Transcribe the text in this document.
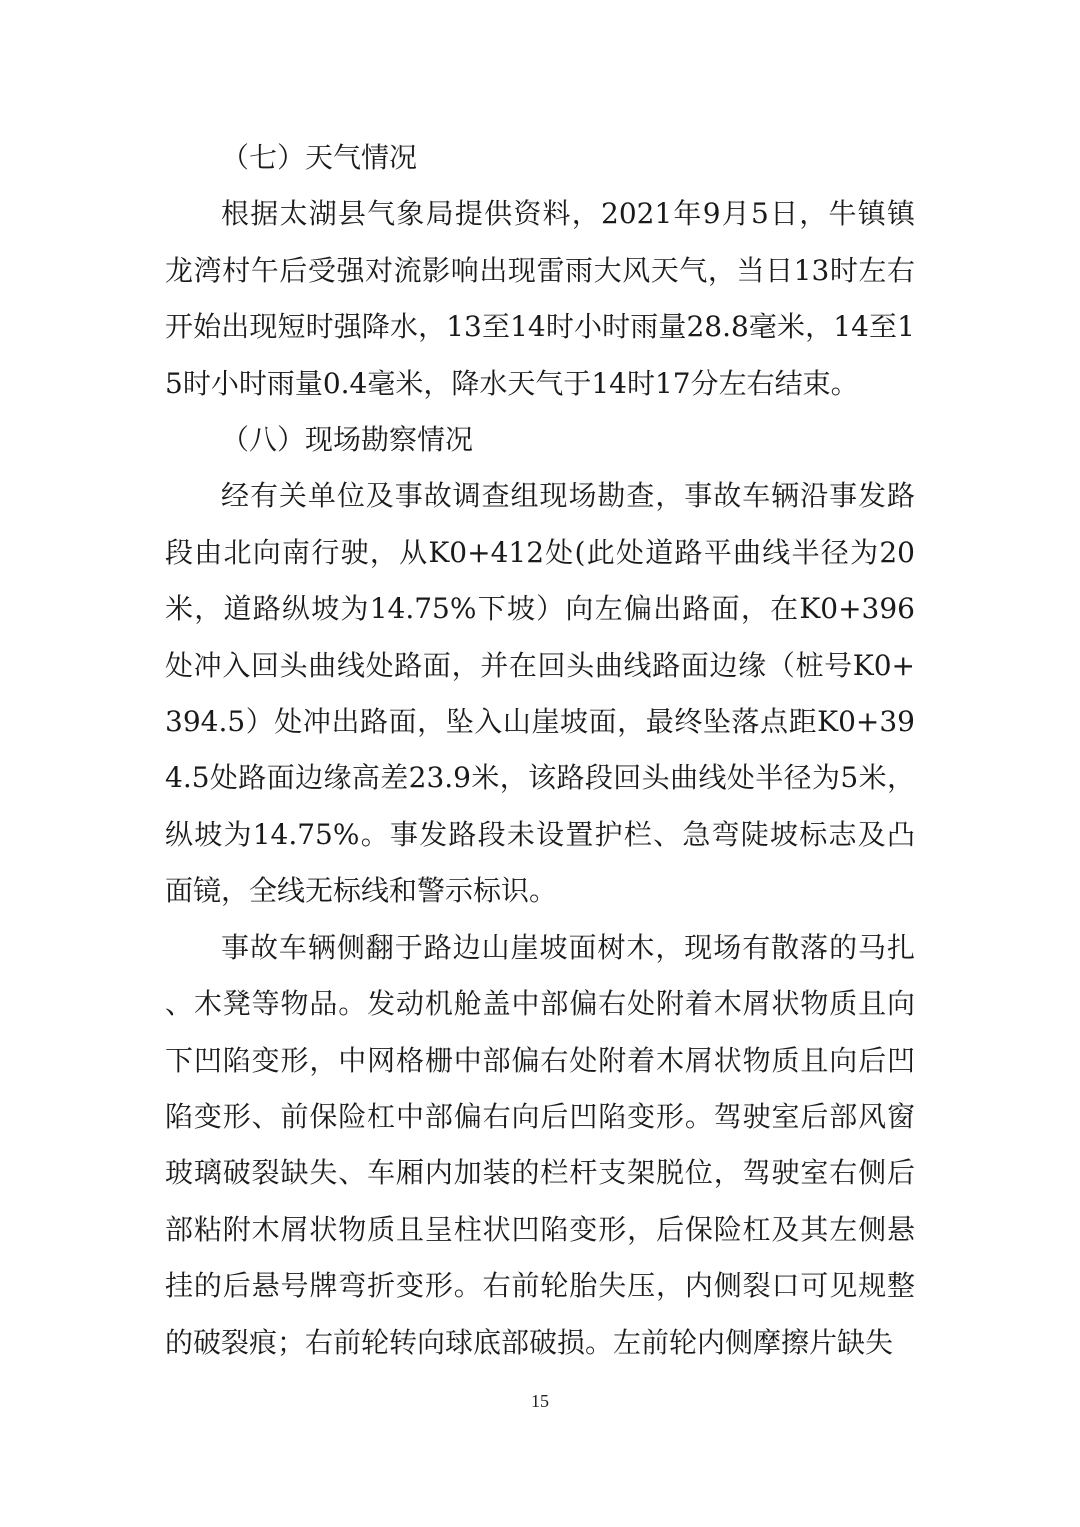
（七）天气情况

根据太湖县气象局提供资料，2021年9月5日，牛镇镇龙湾村午后受强对流影响出现雷雨大风天气，当日13时左右开始出现短时强降水，13至14时小时雨量28.8毫米，14至15时小时雨量0.4毫米，降水天气于14时17分左右结束。

（八）现场勘察情况

经有关单位及事故调查组现场勘查，事故车辆沿事发路段由北向南行驶，从K0+412处(此处道路平曲线半径为20米，道路纵坡为14.75%下坡）向左偏出路面，在K0+396处冲入回头曲线处路面，并在回头曲线路面边缘（桩号K0+394.5）处冲出路面，坠入山崖坡面，最终坠落点距K0+394.5处路面边缘高差23.9米，该路段回头曲线处半径为5米，纵坡为14.75%。事发路段未设置护栏、急弯陡坡标志及凸面镜，全线无标线和警示标识。

事故车辆侧翻于路边山崖坡面树木，现场有散落的马扎、木凳等物品。发动机舱盖中部偏右处附着木屑状物质且向下凹陷变形，中网格栅中部偏右处附着木屑状物质且向后凹陷变形、前保险杠中部偏右向后凹陷变形。驾驶室后部风窗玻璃破裂缺失、车厢内加装的栏杆支架脱位，驾驶室右侧后部粘附木屑状物质且呈柱状凹陷变形，后保险杠及其左侧悬挂的后悬号牌弯折变形。右前轮胎失压，内侧裂口可见规整的破裂痕；右前轮转向球底部破损。左前轮内侧摩擦片缺失

15
